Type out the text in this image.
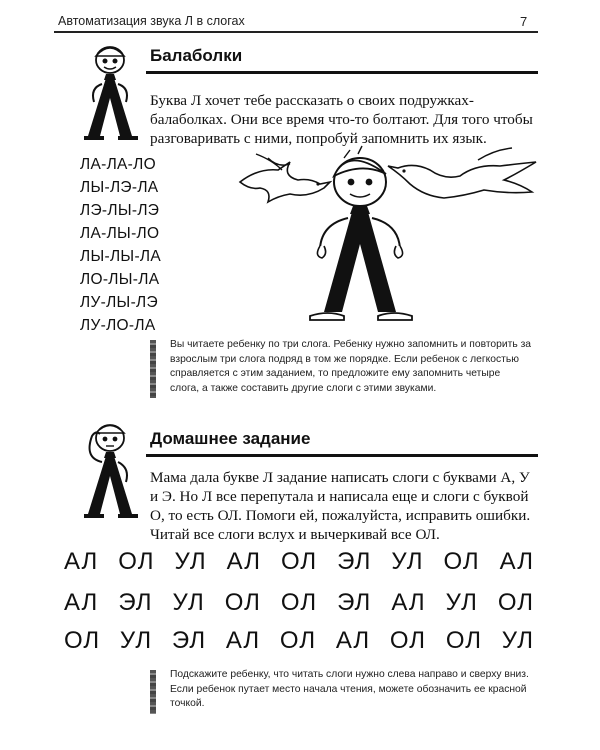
Автоматизация звука Л в слогах	7
Балаболки
Буква Л хочет тебе рассказать о своих подружках-балаболках. Они все время что-то болтают. Для того чтобы разговаривать с ними, попробуй запомнить их язык.
ЛА-ЛА-ЛО
ЛЫ-ЛЭ-ЛА
ЛЭ-ЛЫ-ЛЭ
ЛА-ЛЫ-ЛО
ЛЫ-ЛЫ-ЛА
ЛО-ЛЫ-ЛА
ЛУ-ЛЫ-ЛЭ
ЛУ-ЛО-ЛА
Вы читаете ребенку по три слога. Ребенку нужно запомнить и повторить за взрослым три слога подряд в том же порядке. Если ребенок с легкостью справляется с этим заданием, то предложите ему запомнить четыре слога, а также составить другие слоги с этими звуками.
Домашнее задание
Мама дала букве Л задание написать слоги с буквами А, У и Э. Но Л все перепутала и написала еще и слоги с буквой О, то есть ОЛ. Помоги ей, пожалуйста, исправить ошибки. Читай все слоги вслух и вычеркивай все ОЛ.
АЛ ОЛ УЛ АЛ ОЛ ЭЛ УЛ ОЛ АЛ
АЛ ЭЛ УЛ ОЛ ОЛ ЭЛ АЛ УЛ ОЛ
ОЛ УЛ ЭЛ АЛ ОЛ АЛ ОЛ ОЛ УЛ
Подскажите ребенку, что читать слоги нужно слева направо и сверху вниз. Если ребенок путает место начала чтения, можете обозначить ее красной точкой.
